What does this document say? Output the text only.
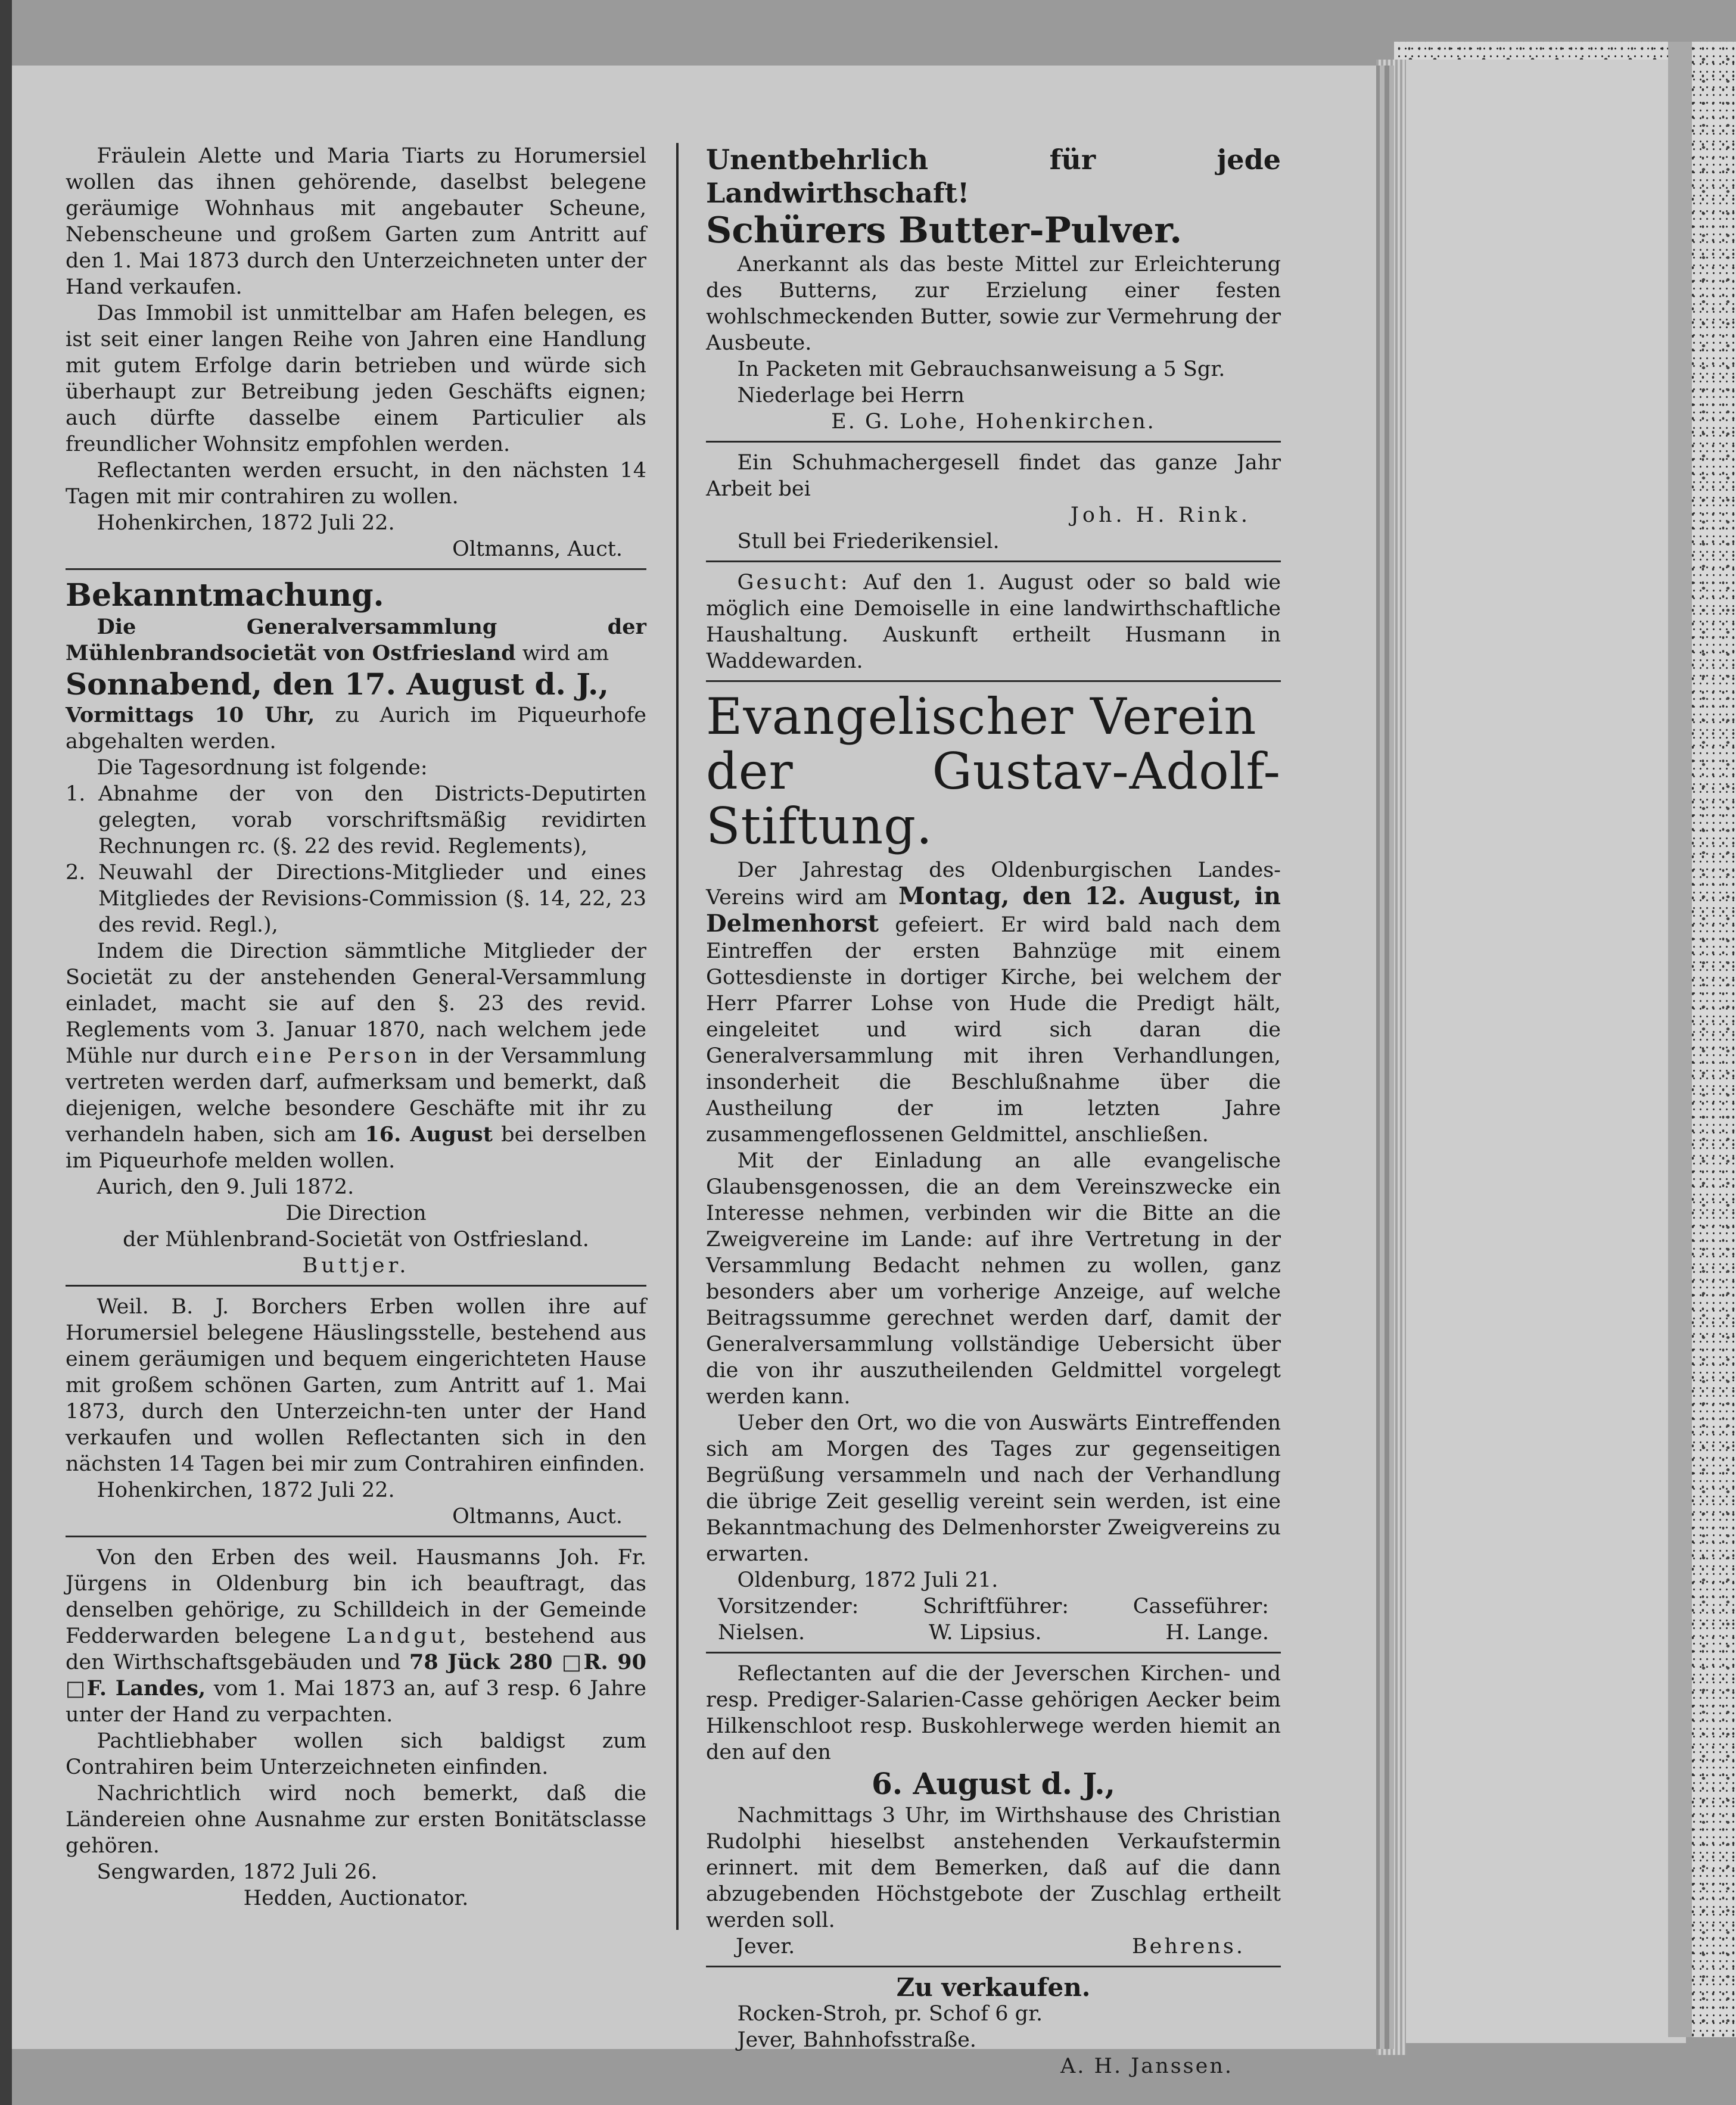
Fräulein Alette und Maria Tiarts zu Horumersiel wollen das ihnen gehörende, daselbst belegene geräumige Wohnhaus mit angebauter Scheune, Nebenscheune und großem Garten zum Antritt auf den 1. Mai 1873 durch den Unterzeichneten unter der Hand verkaufen.

Das Immobil ist unmittelbar am Hafen belegen, es ist seit einer langen Reihe von Jahren eine Handlung mit gutem Erfolge darin betrieben und würde sich überhaupt zur Betreibung jeden Geschäfts eignen; auch dürfte dasselbe einem Particulier als freundlicher Wohnsitz empfohlen werden.

Reflectanten werden ersucht, in den nächsten 14 Tagen mit mir contrahiren zu wollen.

Hohenkirchen, 1872 Juli 22.

Oltmanns, Auct.

Bekanntmachung.

Die Generalversammlung der Mühlenbrandsocietät von Ostfriesland wird am

Sonnabend, den 17. August d. J.,

Vormittags 10 Uhr, zu Aurich im Piqueurhofe abgehalten werden.

Die Tagesordnung ist folgende:

1. Abnahme der von den Districts-Deputirten gelegten, vorab vorschriftsmäßig revidirten Rechnungen rc. (§. 22 des revid. Reglements),
2. Neuwahl der Directions-Mitglieder und eines Mitgliedes der Revisions-Commission (§. 14, 22, 23 des revid. Regl.),

Indem die Direction sämmtliche Mitglieder der Societät zu der anstehenden General-Versammlung einladet, macht sie auf den §. 23 des revid. Reglements vom 3. Januar 1870, nach welchem jede Mühle nur durch eine Person in der Versammlung vertreten werden darf, aufmerksam und bemerkt, daß diejenigen, welche besondere Geschäfte mit ihr zu verhandeln haben, sich am 16. August bei derselben im Piqueurhofe melden wollen.

Aurich, den 9. Juli 1872.

Die Direction

der Mühlenbrand-Societät von Ostfriesland.

Buttjer.

Weil. B. J. Borchers Erben wollen ihre auf Horumersiel belegene Häuslingsstelle, bestehend aus einem geräumigen und bequem eingerichteten Hause mit großem schönen Garten, zum Antritt auf 1. Mai 1873, durch den Unterzeichn-ten unter der Hand verkaufen und wollen Reflectanten sich in den nächsten 14 Tagen bei mir zum Contrahiren einfinden.

Hohenkirchen, 1872 Juli 22.

Oltmanns, Auct.

Von den Erben des weil. Hausmanns Joh. Fr. Jürgens in Oldenburg bin ich beauftragt, das denselben gehörige, zu Schilldeich in der Gemeinde Fedderwarden belegene Landgut, bestehend aus den Wirthschaftsgebäuden und 78 Jück 280 □R. 90 □F. Landes, vom 1. Mai 1873 an, auf 3 resp. 6 Jahre unter der Hand zu verpachten.

Pachtliebhaber wollen sich baldigst zum Contrahiren beim Unterzeichneten einfinden.

Nachrichtlich wird noch bemerkt, daß die Ländereien ohne Ausnahme zur ersten Bonitätsclasse gehören.

Sengwarden, 1872 Juli 26.

Hedden, Auctionator.

Unentbehrlich für jede Landwirthschaft!

Schürers Butter-Pulver.

Anerkannt als das beste Mittel zur Erleichterung des Butterns, zur Erzielung einer festen wohlschmeckenden Butter, sowie zur Vermehrung der Ausbeute.

In Packeten mit Gebrauchsanweisung a 5 Sgr.

Niederlage bei Herrn

E. G. Lohe, Hohenkirchen.

Ein Schuhmachergesell findet das ganze Jahr Arbeit bei

Joh. H. Rink.

Stull bei Friederikensiel.

Gesucht: Auf den 1. August oder so bald wie möglich eine Demoiselle in eine landwirthschaftliche Haushaltung. Auskunft ertheilt Husmann in Waddewarden.

Evangelischer Verein

der Gustav-Adolf-Stiftung.

Der Jahrestag des Oldenburgischen Landes-Vereins wird am Montag, den 12. August, in Delmenhorst gefeiert. Er wird bald nach dem Eintreffen der ersten Bahnzüge mit einem Gottesdienste in dortiger Kirche, bei welchem der Herr Pfarrer Lohse von Hude die Predigt hält, eingeleitet und wird sich daran die Generalversammlung mit ihren Verhandlungen, insonderheit die Beschlußnahme über die Austheilung der im letzten Jahre zusammengeflossenen Geldmittel, anschließen.

Mit der Einladung an alle evangelische Glaubensgenossen, die an dem Vereinszwecke ein Interesse nehmen, verbinden wir die Bitte an die Zweigvereine im Lande: auf ihre Vertretung in der Versammlung Bedacht nehmen zu wollen, ganz besonders aber um vorherige Anzeige, auf welche Beitragssumme gerechnet werden darf, damit der Generalversammlung vollständige Uebersicht über die von ihr auszutheilenden Geldmittel vorgelegt werden kann.

Ueber den Ort, wo die von Auswärts Eintreffenden sich am Morgen des Tages zur gegenseitigen Begrüßung versammeln und nach der Verhandlung die übrige Zeit gesellig vereint sein werden, ist eine Bekanntmachung des Delmenhorster Zweigvereins zu erwarten.

Oldenburg, 1872 Juli 21.

Vorsitzender:	Schriftführer:	Casseführer:
Nielsen.	W. Lipsius.	H. Lange.

Reflectanten auf die der Jeverschen Kirchen- und resp. Prediger-Salarien-Casse gehörigen Aecker beim Hilkenschloot resp. Buskohlerwege werden hiemit an den auf den

6. August d. J.,

Nachmittags 3 Uhr, im Wirthshause des Christian Rudolphi hieselbst anstehenden Verkaufstermin erinnert. mit dem Bemerken, daß auf die dann abzugebenden Höchstgebote der Zuschlag ertheilt werden soll.

Jever.	Behrens.

Zu verkaufen.

Rocken-Stroh, pr. Schof 6 gr.

Jever, Bahnhofsstraße.

A. H. Janssen.
